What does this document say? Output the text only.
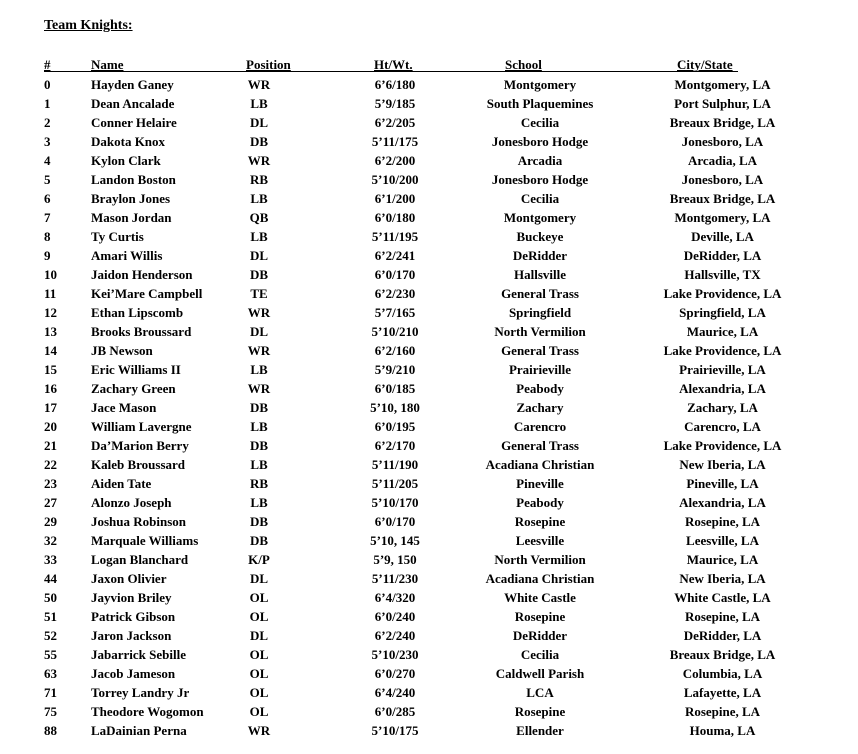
Team Knights:
#	Name	Position	Ht/Wt.	School	City/State
0	Hayden Ganey	WR	6’6/180	Montgomery	Montgomery, LA
1	Dean Ancalade	LB	5’9/185	South Plaquemines	Port Sulphur, LA
2	Conner Helaire	DL	6’2/205	Cecilia	Breaux Bridge, LA
3	Dakota Knox	DB	5’11/175	Jonesboro Hodge	Jonesboro, LA
4	Kylon Clark	WR	6’2/200	Arcadia	Arcadia, LA
5	Landon Boston	RB	5’10/200	Jonesboro Hodge	Jonesboro, LA
6	Braylon Jones	LB	6’1/200	Cecilia	Breaux Bridge, LA
7	Mason Jordan	QB	6’0/180	Montgomery	Montgomery, LA
8	Ty Curtis	LB	5’11/195	Buckeye	Deville, LA
9	Amari Willis	DL	6’2/241	DeRidder	DeRidder, LA
10	Jaidon Henderson	DB	6’0/170	Hallsville	Hallsville, TX
11	Kei’Mare Campbell	TE	6’2/230	General Trass	Lake Providence, LA
12	Ethan Lipscomb	WR	5’7/165	Springfield	Springfield, LA
13	Brooks Broussard	DL	5’10/210	North Vermilion	Maurice, LA
14	JB Newson	WR	6’2/160	General Trass	Lake Providence, LA
15	Eric Williams II	LB	5’9/210	Prairieville	Prairieville, LA
16	Zachary Green	WR	6’0/185	Peabody	Alexandria, LA
17	Jace Mason	DB	5’10, 180	Zachary	Zachary, LA
20	William Lavergne	LB	6’0/195	Carencro	Carencro, LA
21	Da’Marion Berry	DB	6’2/170	General Trass	Lake Providence, LA
22	Kaleb Broussard	LB	5’11/190	Acadiana Christian	New Iberia, LA
23	Aiden Tate	RB	5’11/205	Pineville	Pineville, LA
27	Alonzo Joseph	LB	5’10/170	Peabody	Alexandria, LA
29	Joshua Robinson	DB	6’0/170	Rosepine	Rosepine, LA
32	Marquale Williams	DB	5’10, 145	Leesville	Leesville, LA
33	Logan Blanchard	K/P	5’9, 150	North Vermilion	Maurice, LA
44	Jaxon Olivier	DL	5’11/230	Acadiana Christian	New Iberia, LA
50	Jayvion Briley	OL	6’4/320	White Castle	White Castle, LA
51	Patrick Gibson	OL	6’0/240	Rosepine	Rosepine, LA
52	Jaron Jackson	DL	6’2/240	DeRidder	DeRidder, LA
55	Jabarrick Sebille	OL	5’10/230	Cecilia	Breaux Bridge, LA
63	Jacob Jameson	OL	6’0/270	Caldwell Parish	Columbia, LA
71	Torrey Landry Jr	OL	6’4/240	LCA	Lafayette, LA
75	Theodore Wogomon	OL	6’0/285	Rosepine	Rosepine, LA
88	LaDainian Perna	WR	5’10/175	Ellender	Houma, LA
